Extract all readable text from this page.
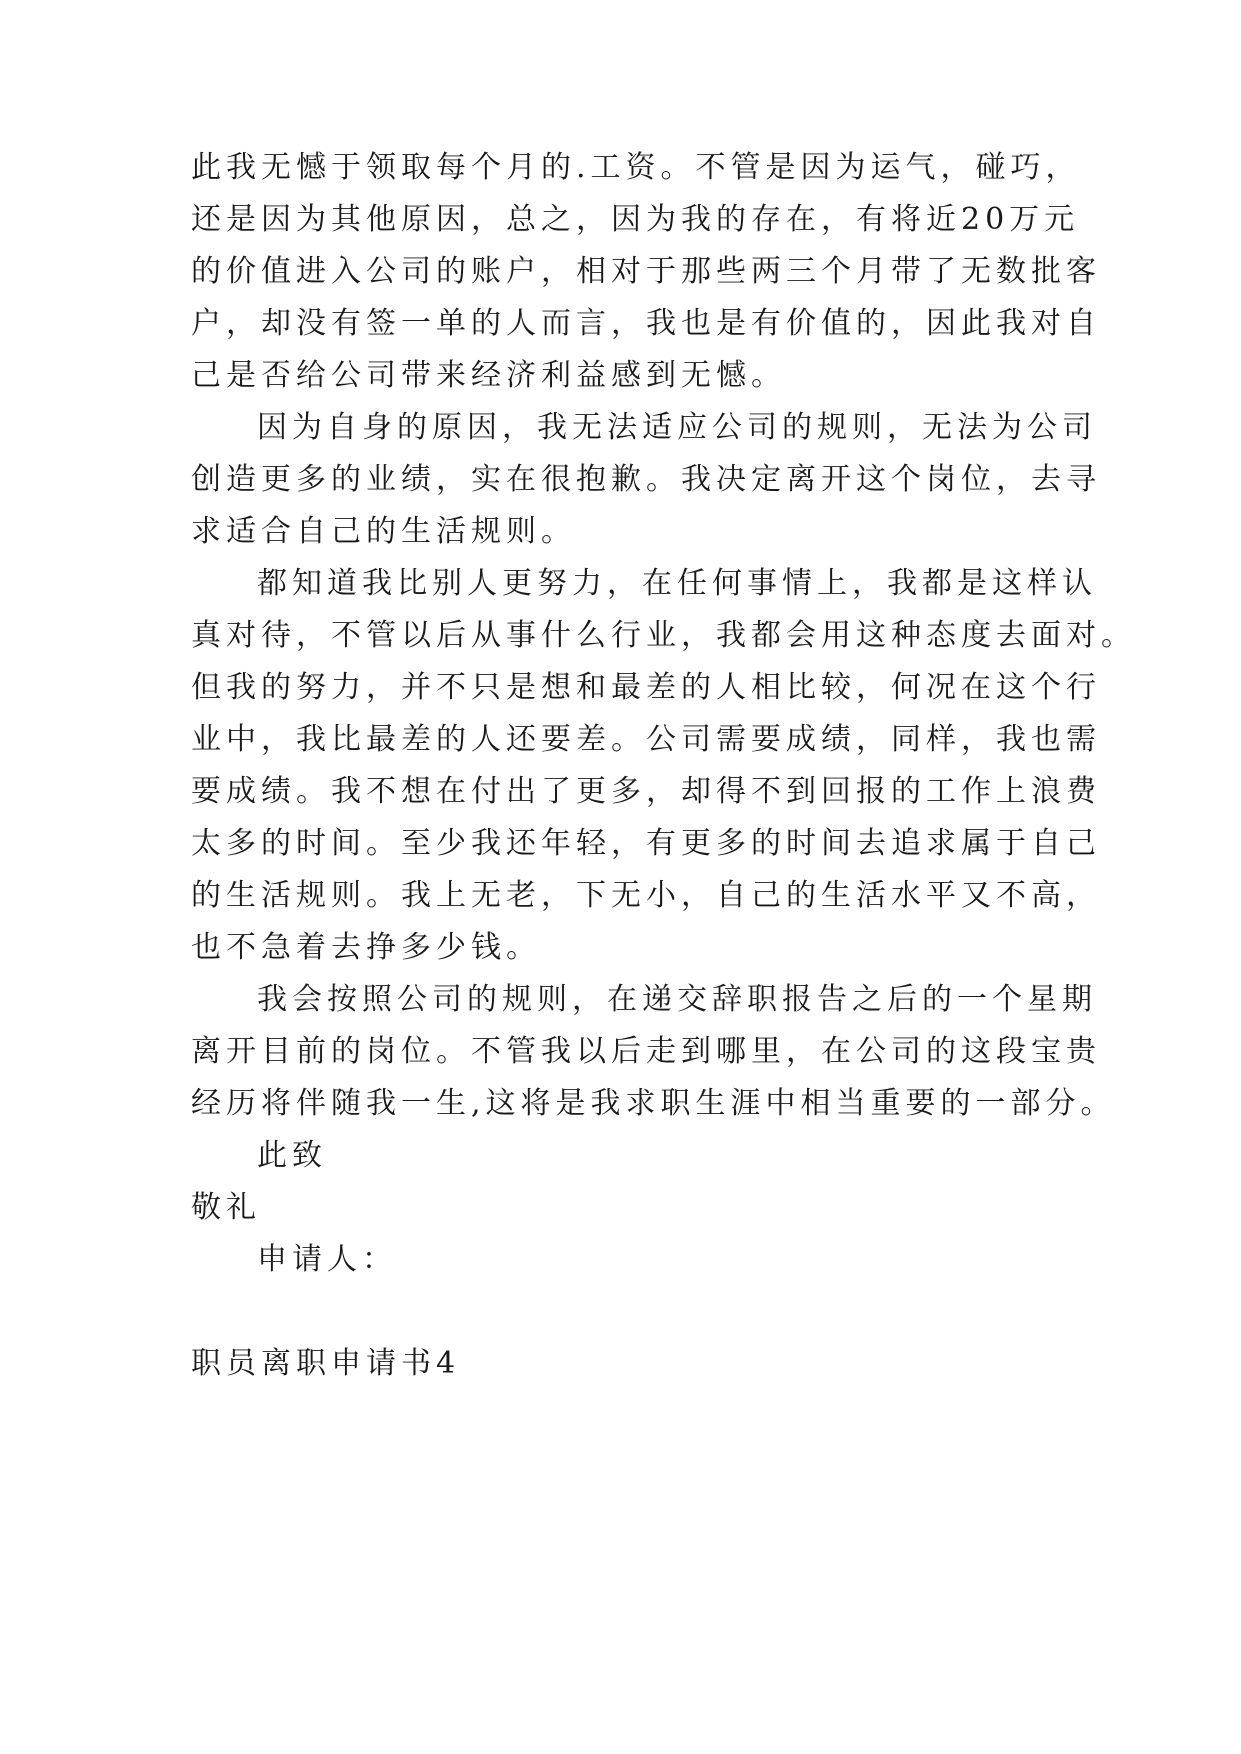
此我无憾于领取每个月的.工资。不管是因为运气，碰巧，
还是因为其他原因，总之，因为我的存在，有将近20万元
的价值进入公司的账户，相对于那些两三个月带了无数批客
户，却没有签一单的人而言，我也是有价值的，因此我对自
己是否给公司带来经济利益感到无憾。
因为自身的原因，我无法适应公司的规则，无法为公司
创造更多的业绩，实在很抱歉。我决定离开这个岗位，去寻
求适合自己的生活规则。
都知道我比别人更努力，在任何事情上，我都是这样认
真对待，不管以后从事什么行业，我都会用这种态度去面对。
但我的努力，并不只是想和最差的人相比较，何况在这个行
业中，我比最差的人还要差。公司需要成绩，同样，我也需
要成绩。我不想在付出了更多，却得不到回报的工作上浪费
太多的时间。至少我还年轻，有更多的时间去追求属于自己
的生活规则。我上无老，下无小，自己的生活水平又不高，
也不急着去挣多少钱。
我会按照公司的规则，在递交辞职报告之后的一个星期
离开目前的岗位。不管我以后走到哪里，在公司的这段宝贵
经历将伴随我一生,这将是我求职生涯中相当重要的一部分。
此致
敬礼
申请人：
职员离职申请书4
